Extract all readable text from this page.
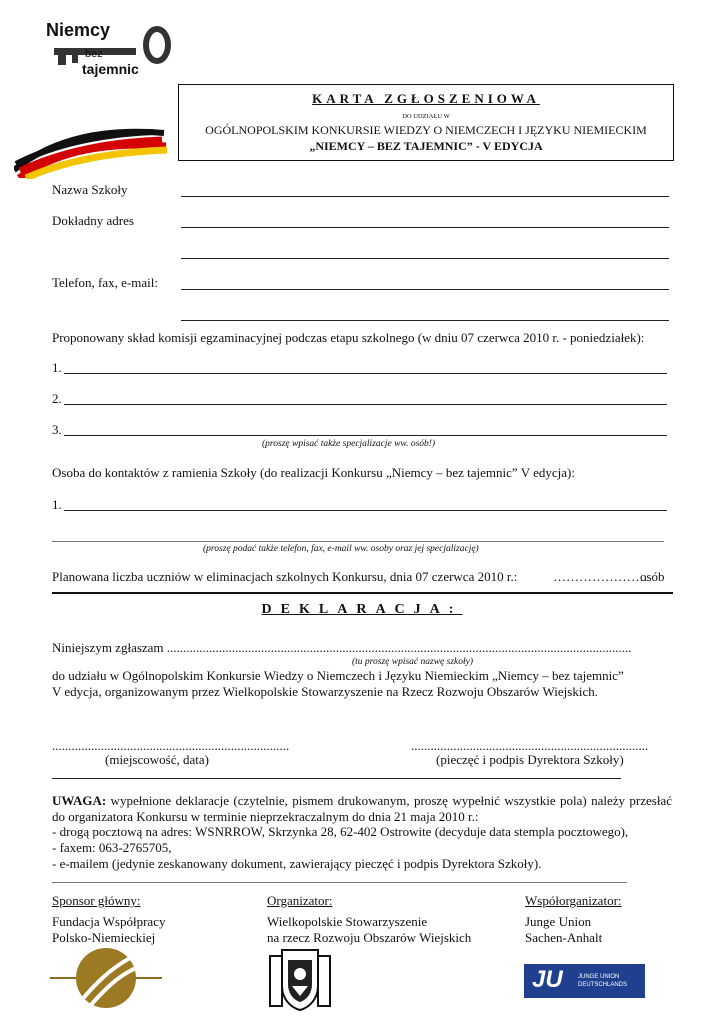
Niemcy
bez
tajemnic
KARTA ZGŁOSZENIOWA
DO UDZIAŁU W
OGÓLNOPOLSKIM KONKURSIE WIEDZY O NIEMCZECH I JĘZYKU NIEMIECKIM
„NIEMCY – BEZ TAJEMNIC” - V EDYCJA
Nazwa Szkoły
Dokładny adres
Telefon, fax, e-mail:
Proponowany skład komisji egzaminacyjnej podczas etapu szkolnego (w dniu 07 czerwca 2010 r. - poniedziałek):
1.
2.
3.
(proszę wpisać także specjalizacje ww. osób!)
Osoba do kontaktów z ramienia Szkoły (do realizacji Konkursu „Niemcy – bez tajemnic” V edycja):
1.
(proszę podać także telefon, fax, e-mail ww. osoby oraz jej specjalizację)
Planowana liczba uczniów w eliminacjach szkolnych Konkursu, dnia 07 czerwca 2010 r.:	………………….
osób
DEKLARACJA:
Niniejszym zgłaszam ...............................................................................................................................................
(tu proszę wpisać nazwę szkoły)
do udziału w Ogólnopolskim Konkursie Wiedzy o Niemczech i Języku Niemieckim „Niemcy – bez tajemnic”
V edycja, organizowanym przez Wielkopolskie Stowarzyszenie na Rzecz Rozwoju Obszarów Wiejskich.
.........................................................................	.........................................................................
(miejscowość, data)	(pieczęć i podpis Dyrektora Szkoły)
UWAGA: wypełnione deklaracje (czytelnie, pismem drukowanym, proszę wypełnić wszystkie pola) należy przesłać do organizatora Konkursu w terminie nieprzekraczalnym do dnia 21 maja 2010 r.:
- drogą pocztową na adres: WSNRROW, Skrzynka 28, 62-402 Ostrowite (decyduje data stempla pocztowego),
- faxem: 063-2765705,
- e-mailem (jedynie zeskanowany dokument, zawierający pieczęć i podpis Dyrektora Szkoły).
Sponsor główny:
Fundacja Współpracy
Polsko-Niemieckiej
Organizator:
Wielkopolskie Stowarzyszenie
na rzecz Rozwoju Obszarów Wiejskich
Współorganizator:
Junge Union
Sachen-Anhalt
JU	JUNGE UNION
DEUTSCHLANDS
